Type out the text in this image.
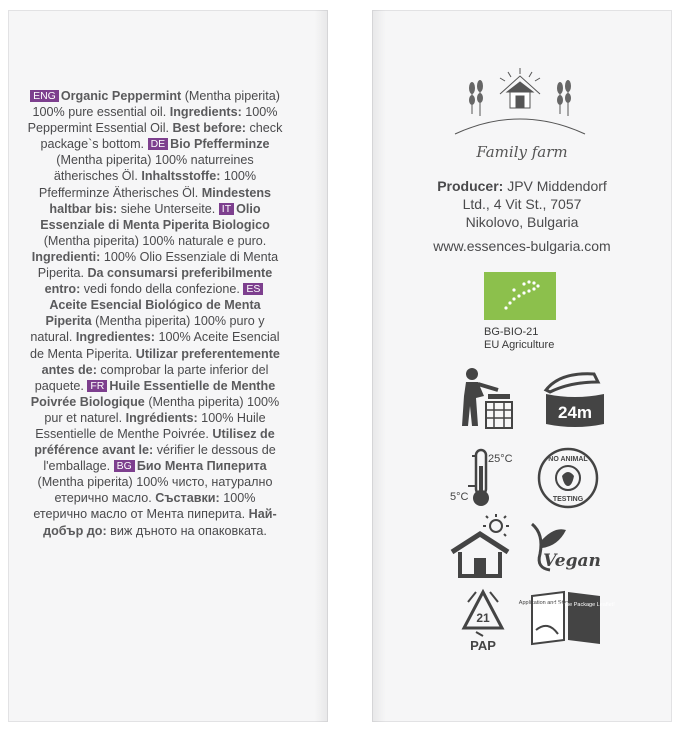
ENG Organic Peppermint (Mentha piperita) 100% pure essential oil. Ingredients: 100% Peppermint Essential Oil. Best before: check package`s bottom. DE Bio Pfefferminze (Mentha piperita) 100% naturreines ätherisches Öl. Inhaltsstoffe: 100% Pfefferminze Ätherisches Öl. Mindestens haltbar bis: siehe Unterseite. IT Olio Essenziale di Menta Piperita Biologico (Mentha piperita) 100% naturale e puro. Ingredienti: 100% Olio Essenziale di Menta Piperita. Da consumarsi preferibilmente entro: vedi fondo della confezione. ESAceite Esencial Biológico de Menta Piperita (Mentha piperita) 100% puro y natural. Ingredientes: 100% Aceite Esencial de Menta Piperita. Utilizar preferentemente antes de: comprobar la parte inferior del paquete. FR Huile Essentielle de Menthe Poivrée Biologique (Mentha piperita) 100% pur et naturel. Ingrédients: 100% Huile Essentielle de Menthe Poivrée. Utilisez de préférence avant le: vérifier le dessous de l'emballage. BG Био Мента Пиперита (Mentha piperita) 100% чисто, натурално етерично масло. Съставки: 100% етерично масло от Мента пиперита. Най-добър до: виж дъното на опаковката.
Family farm
Producer: JPV Middendorf
Ltd., 4 Vit St., 7057
Nikolovo, Bulgaria
www.essences-bulgaria.com
BG-BIO-21
EU Agriculture
24m
25°C
5°C
NO ANIMAL
TESTING
Vegan
21
PAP
Application and Storage
See the Package Leaflet!
